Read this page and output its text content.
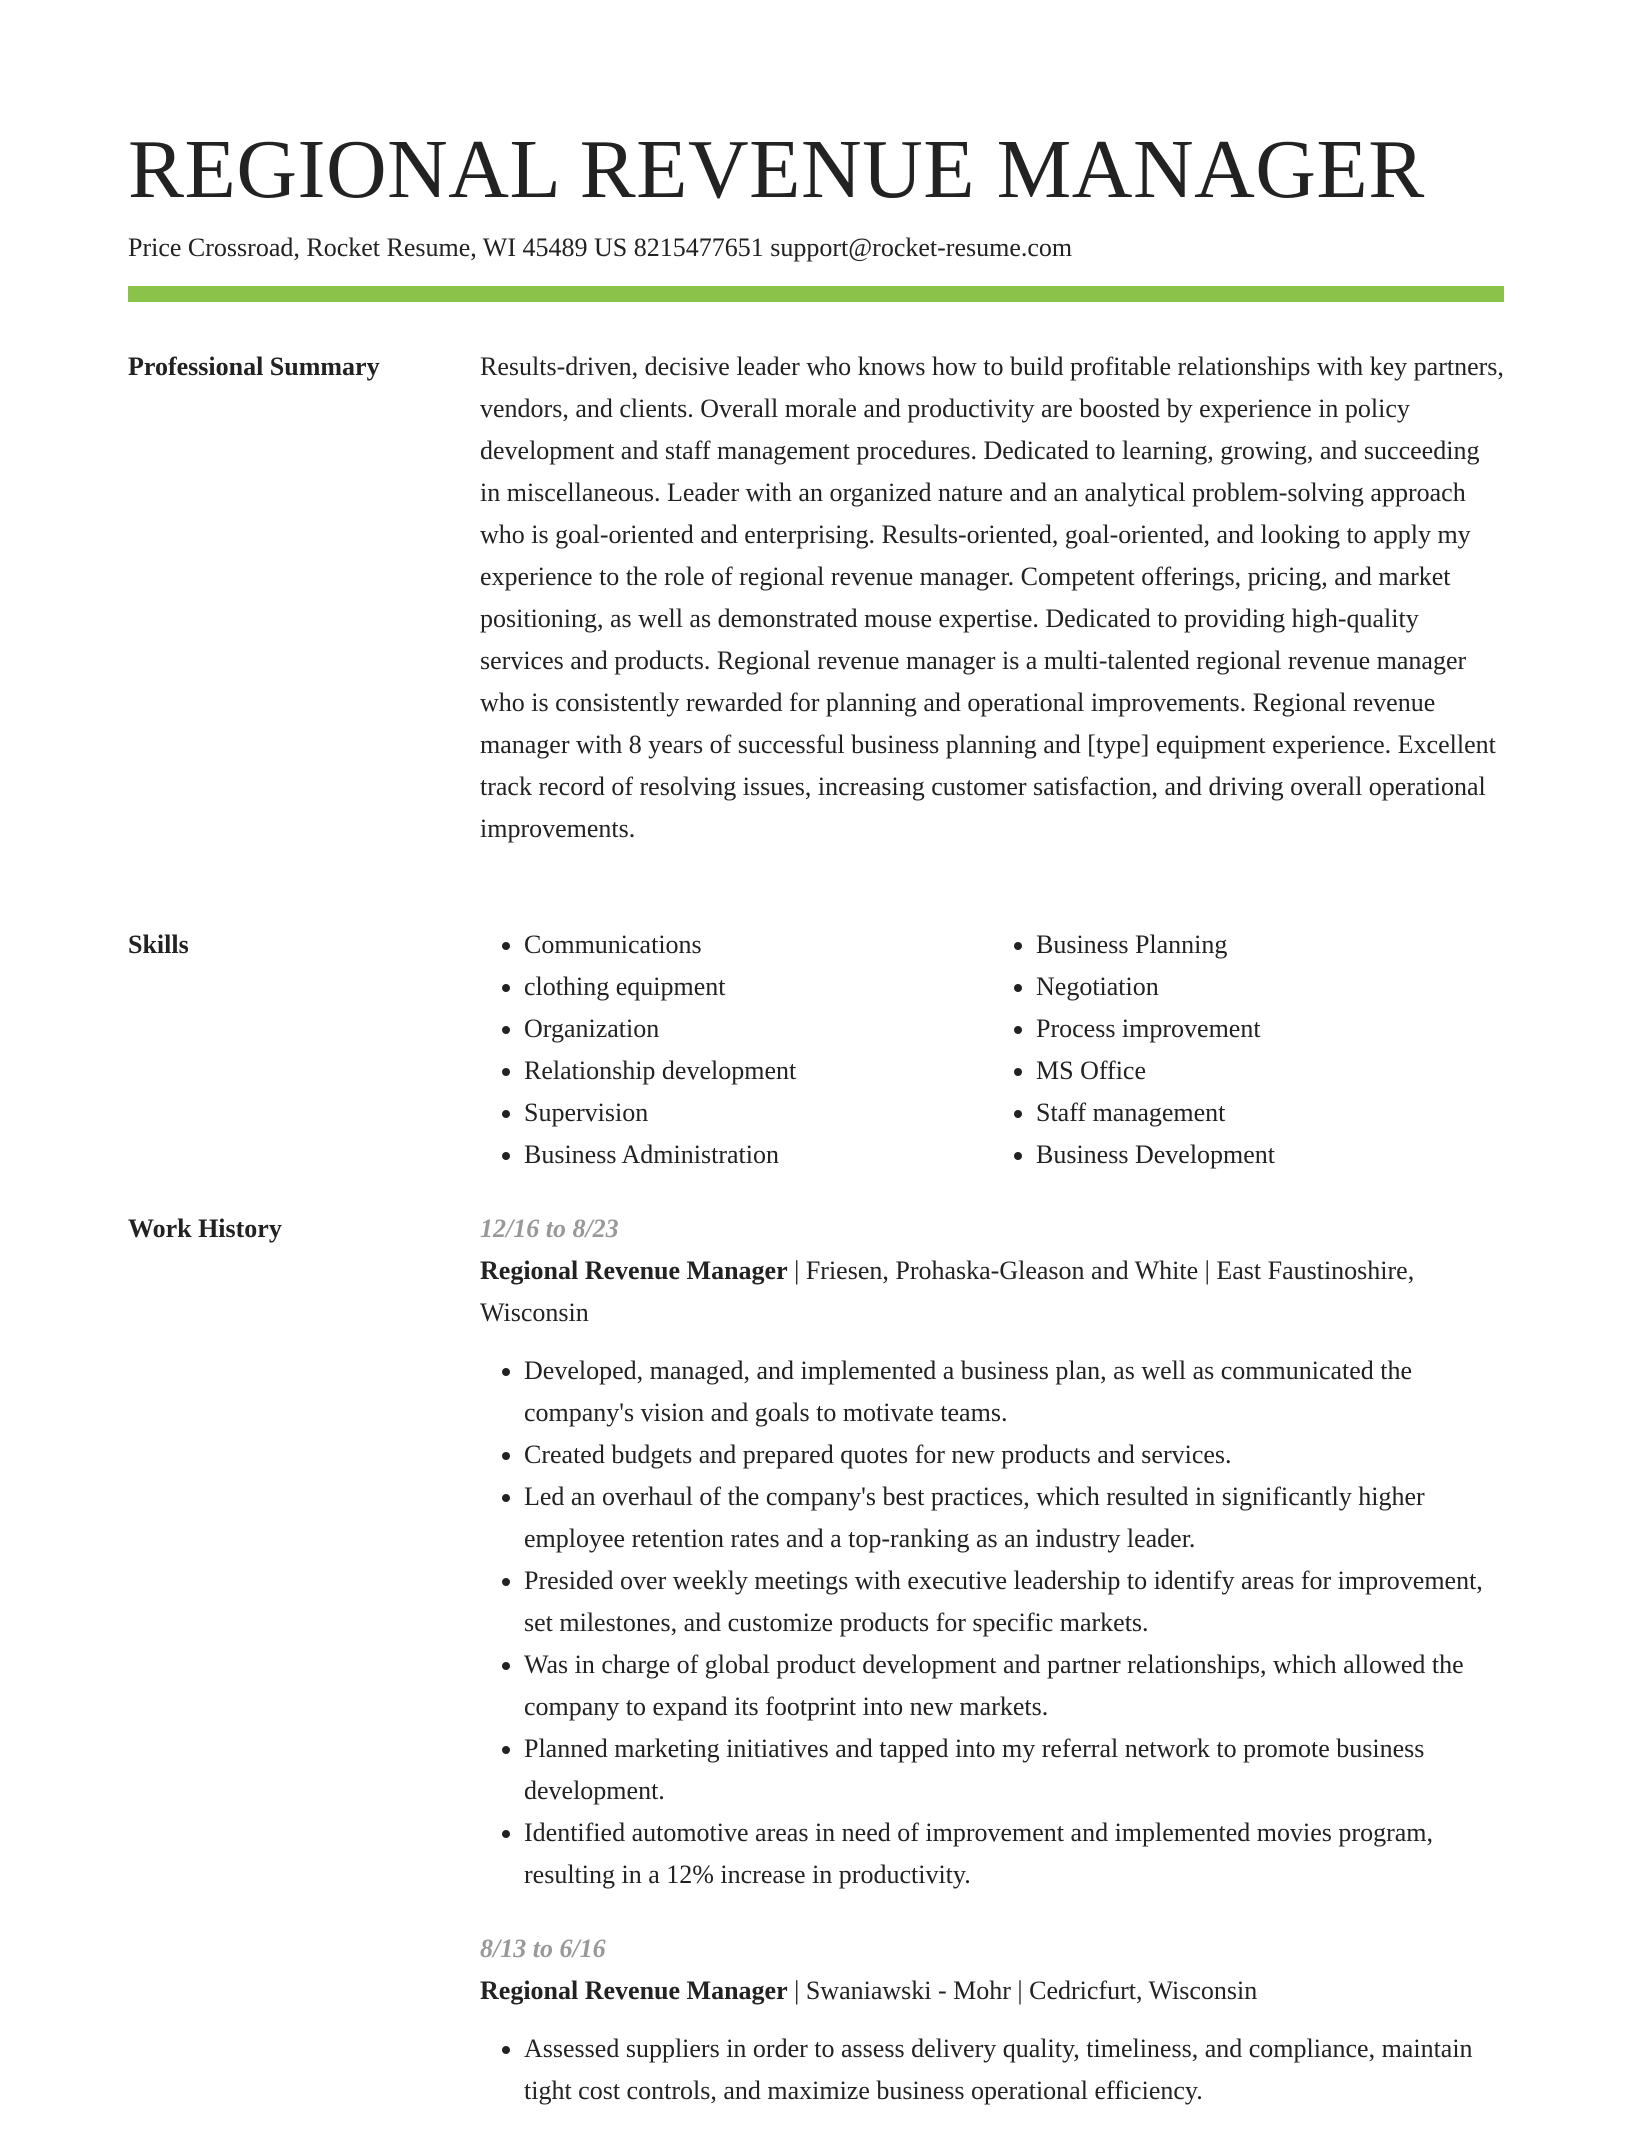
REGIONAL REVENUE MANAGER
Price Crossroad, Rocket Resume, WI 45489 US 8215477651 support@rocket-resume.com
Professional Summary	Results-driven, decisive leader who knows how to build profitable relationships with key partners, vendors, and clients. Overall morale and productivity are boosted by experience in policy development and staff management procedures. Dedicated to learning, growing, and succeeding in miscellaneous. Leader with an organized nature and an analytical problem-solving approach who is goal-oriented and enterprising. Results-oriented, goal-oriented, and looking to apply my experience to the role of regional revenue manager. Competent offerings, pricing, and market positioning, as well as demonstrated mouse expertise. Dedicated to providing high-quality services and products. Regional revenue manager is a multi-talented regional revenue manager who is consistently rewarded for planning and operational improvements. Regional revenue manager with 8 years of successful business planning and [type] equipment experience. Excellent track record of resolving issues, increasing customer satisfaction, and driving overall operational improvements.

Skills
•	Communications
• clothing equipment
• Organization
• Relationship development
• Supervision
• Business Administration
• Business Planning
• Negotiation
• Process improvement
• MS Office
• Staff management
• Business Development
Work History	12/16 to 8/23
Regional Revenue Manager | Friesen, Prohaska-Gleason and White | East Faustinoshire, Wisconsin
• Developed, managed, and implemented a business plan, as well as communicated the company's vision and goals to motivate teams.
• Created budgets and prepared quotes for new products and services.
• Led an overhaul of the company's best practices, which resulted in significantly higher employee retention rates and a top-ranking as an industry leader.
• Presided over weekly meetings with executive leadership to identify areas for improvement, set milestones, and customize products for specific markets.
• Was in charge of global product development and partner relationships, which allowed the company to expand its footprint into new markets.
• Planned marketing initiatives and tapped into my referral network to promote business development.
• Identified automotive areas in need of improvement and implemented movies program, resulting in a 12% increase in productivity.
8/13 to 6/16
Regional Revenue Manager | Swaniawski - Mohr | Cedricfurt, Wisconsin
• Assessed suppliers in order to assess delivery quality, timeliness, and compliance, maintain tight cost controls, and maximize business operational efficiency.
